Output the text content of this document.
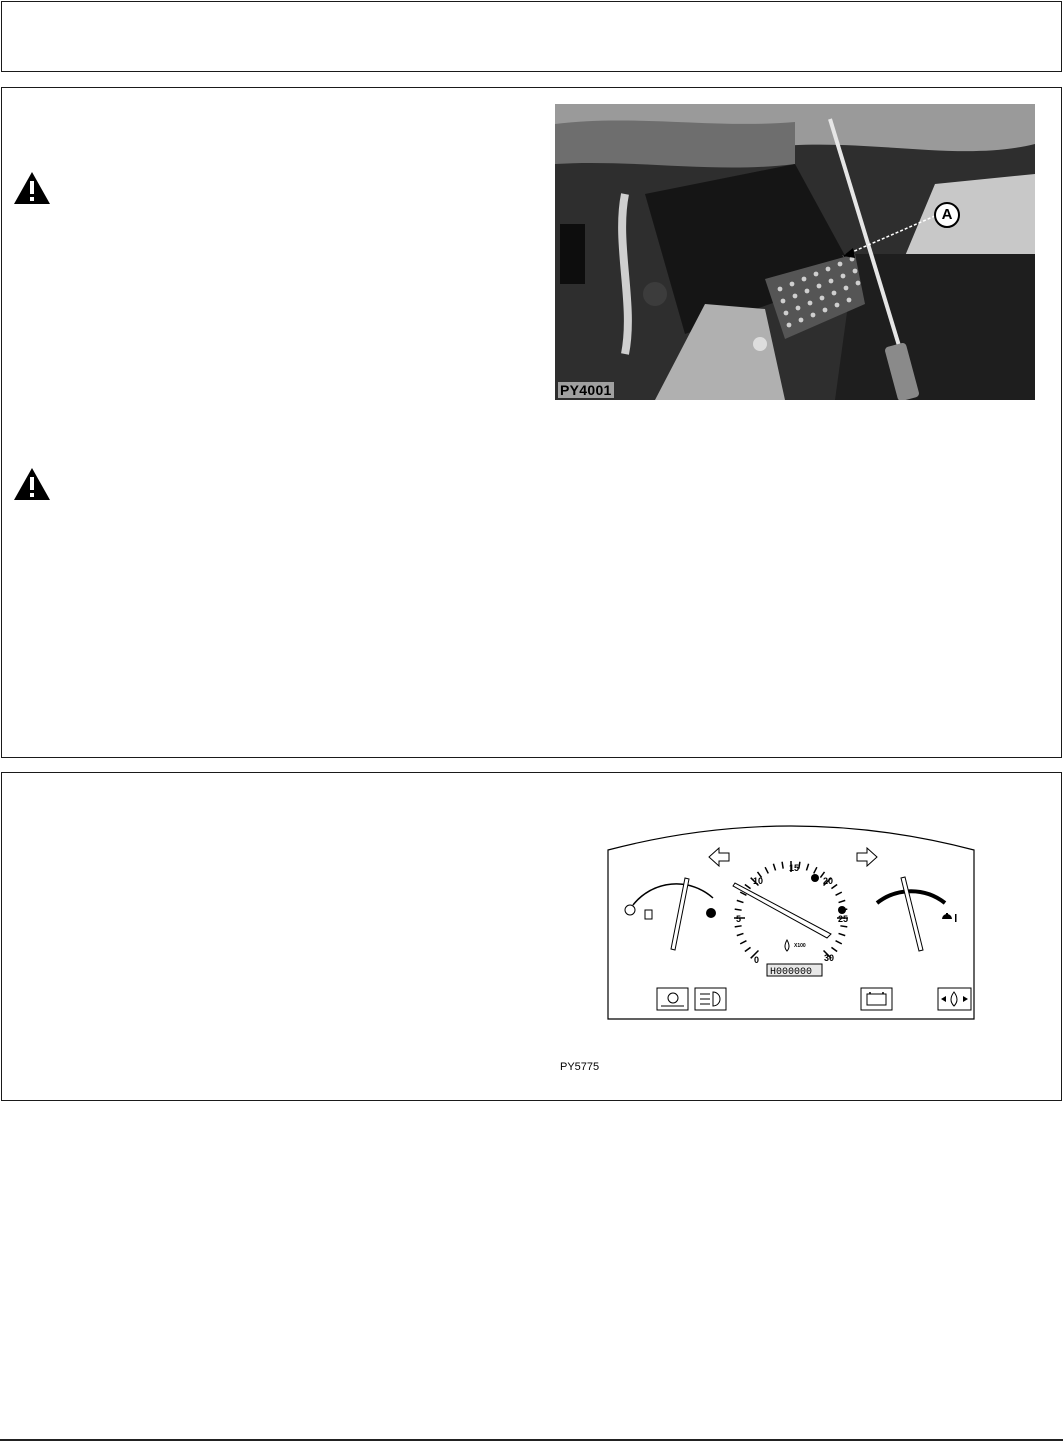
A
PY4001
0
5
10
15
20
25
30
X100
H000000
PY5775
